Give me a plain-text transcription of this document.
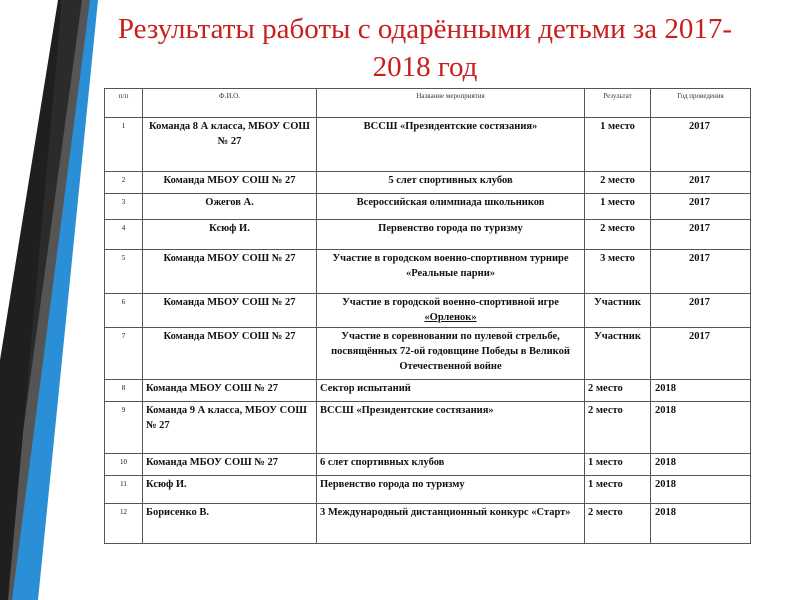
Результаты работы с одарёнными детьми за 2017-2018 год
п/п	Ф.И.О.	Название мероприятия	Результат	Год проведения
1	Команда 8 А класса, МБОУ СОШ № 27	ВССШ «Президентские состязания»	1 место	2017
2	Команда МБОУ СОШ № 27	5 слет спортивных клубов	2 место	2017
3	Ожегов А.	Всероссийская олимпиада школьников	1 место	2017
4	Ксюф И.	Первенство города по туризму	2 место	2017
5	Команда МБОУ СОШ № 27	Участие в городском военно-спортивном турнире «Реальные парни»	3 место	2017
6	Команда МБОУ СОШ № 27	Участие в городской военно-спортивной игре «Орленок»	Участник	2017
7	Команда МБОУ СОШ № 27	Участие в соревновании по пулевой стрельбе, посвящённых 72-ой годовщине Победы в Великой Отечественной войне	Участник	2017
8	Команда МБОУ СОШ № 27	Сектор испытаний	2 место	2018
9	Команда 9 А класса, МБОУ СОШ № 27	ВССШ «Президентские состязания»	2 место	2018
10	Команда МБОУ СОШ № 27	6 слет спортивных клубов	1 место	2018
11	Ксюф И.	Первенство города по туризму	1 место	2018
12	Борисенко В.	3 Международный дистанционный конкурс «Старт»	2 место	2018
